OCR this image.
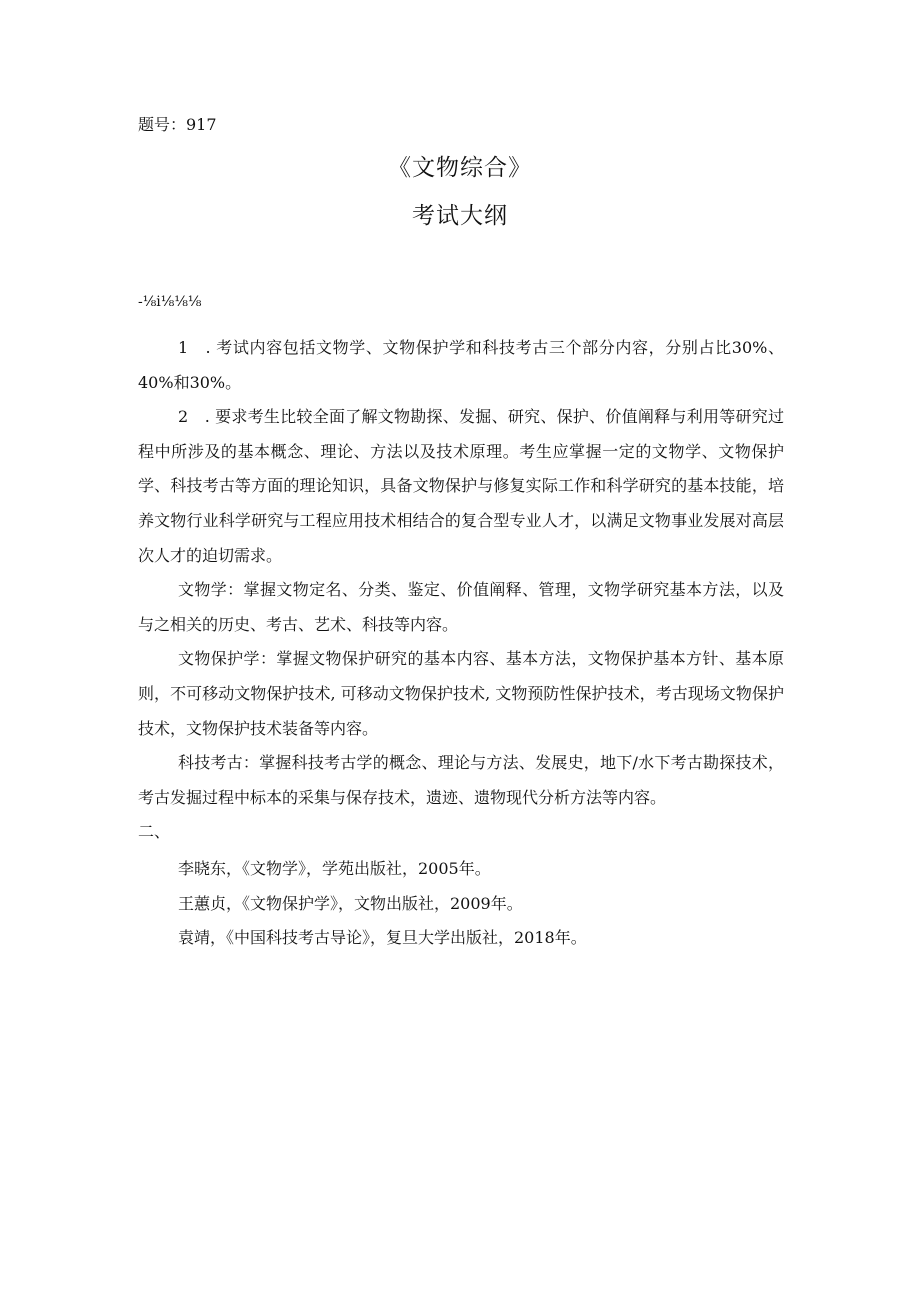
题号：917
《文物综合》
考试大纲
-⅛i⅛⅛⅛

1　. 考试内容包括文物学、文物保护学和科技考古三个部分内容，分别占比30%、40%和30%。

2　. 要求考生比较全面了解文物勘探、发掘、研究、保护、价值阐释与利用等研究过程中所涉及的基本概念、理论、方法以及技术原理。考生应掌握一定的文物学、文物保护学、科技考古等方面的理论知识，具备文物保护与修复实际工作和科学研究的基本技能，培养文物行业科学研究与工程应用技术相结合的复合型专业人才，以满足文物事业发展对高层次人才的迫切需求。

文物学：掌握文物定名、分类、鉴定、价值阐释、管理，文物学研究基本方法，以及与之相关的历史、考古、艺术、科技等内容。

文物保护学：掌握文物保护研究的基本内容、基本方法，文物保护基本方针、基本原则，不可移动文物保护技术, 可移动文物保护技术, 文物预防性保护技术，考古现场文物保护技术，文物保护技术装备等内容。

科技考古：掌握科技考古学的概念、理论与方法、发展史，地下/水下考古勘探技术，考古发掘过程中标本的采集与保存技术，遗迹、遗物现代分析方法等内容。

二、

李晓东，《文物学》，学苑出版社，2005年。

王蕙贞，《文物保护学》，文物出版社，2009年。

袁靖，《中国科技考古导论》，复旦大学出版社，2018年。
